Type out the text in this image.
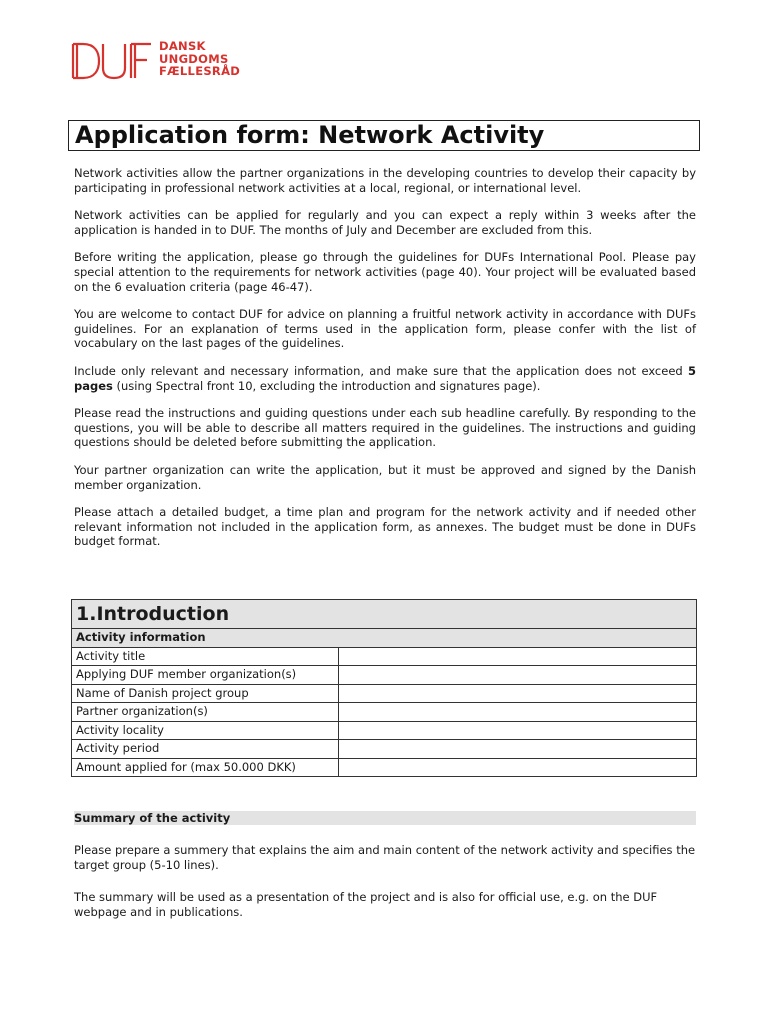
DANSK
UNGDOMS
FÆLLESRÅD
Application form: Network Activity

Network activities allow the partner organizations in the developing countries to develop their capacity by participating in professional network activities at a local, regional, or international level.

Network activities can be applied for regularly and you can expect a reply within 3 weeks after the application is handed in to DUF. The months of July and December are excluded from this.

Before writing the application, please go through the guidelines for DUFs International Pool. Please pay special attention to the requirements for network activities (page 40). Your project will be evaluated based on the 6 evaluation criteria (page 46-47).

You are welcome to contact DUF for advice on planning a fruitful network activity in accordance with DUFs guidelines. For an explanation of terms used in the application form, please confer with the list of vocabulary on the last pages of the guidelines.

Include only relevant and necessary information, and make sure that the application does not exceed 5 pages (using Spectral front 10, excluding the introduction and signatures page).

Please read the instructions and guiding questions under each sub headline carefully. By responding to the questions, you will be able to describe all matters required in the guidelines. The instructions and guiding questions should be deleted before submitting the application.

Your partner organization can write the application, but it must be approved and signed by the Danish member organization.

Please attach a detailed budget, a time plan and program for the network activity and if needed other relevant information not included in the application form, as annexes. The budget must be done in DUFs budget format.

1.Introduction	
Activity information	
Activity title	
Applying DUF member organization(s)	
Name of Danish project group	
Partner organization(s)	
Activity locality	
Activity period	
Amount applied for (max 50.000 DKK)	
Summary of the activity

Please prepare a summery that explains the aim and main content of the network activity and specifies the target group (5-10 lines).

The summary will be used as a presentation of the project and is also for official use, e.g. on the DUF webpage and in publications.
